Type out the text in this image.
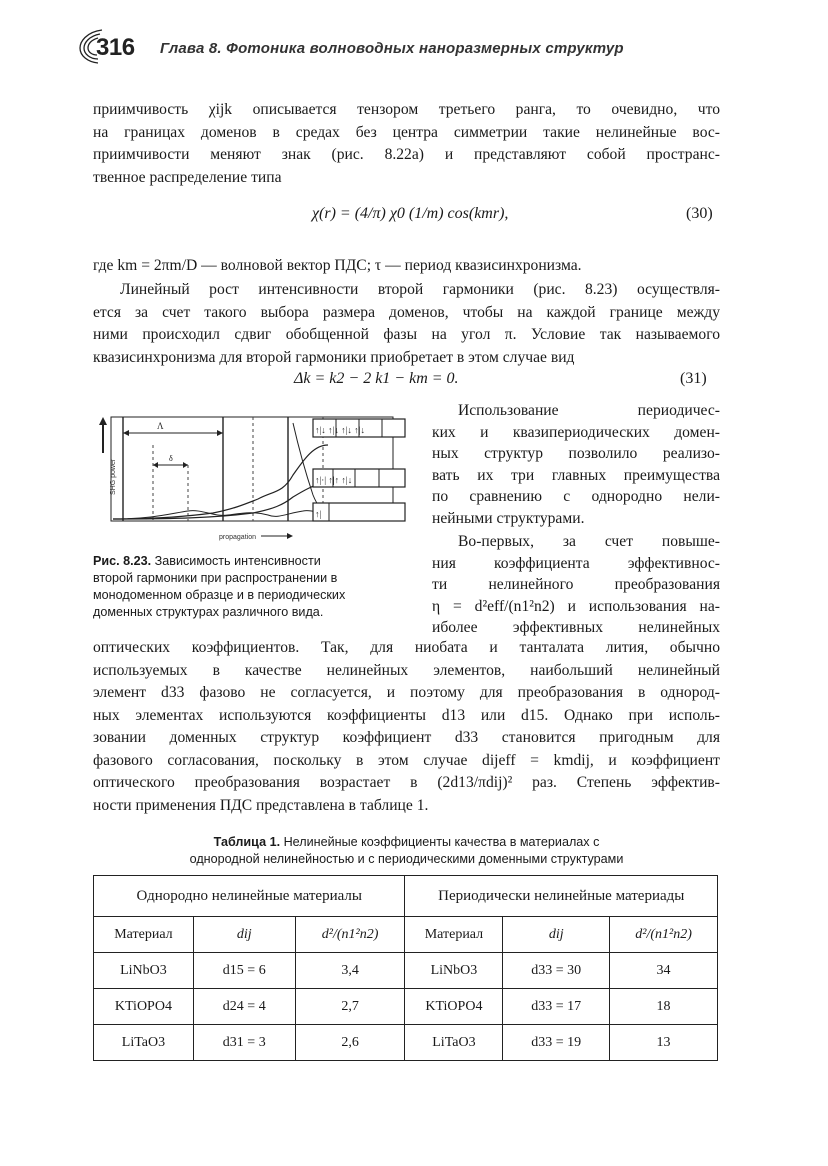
316 Глава 8. Фотоника волноводных наноразмерных структур
приимчивость χijk описывается тензором третьего ранга, то очевидно, что
на границах доменов в средах без центра симметрии такие нелинейные вос-
приимчивости меняют знак (рис. 8.22а) и представляют собой пространс-
твенное распределение типа
χ(r) = (4/π) χ0 (1/m) cos(kmr),	(30)
где km = 2πm/D — волновой вектор ПДС; τ — период квазисинхронизма.
Линейный рост интенсивности второй гармоники (рис. 8.23) осуществля-
ется за счет такого выбора размера доменов, чтобы на каждой границе между
ними происходил сдвиг обобщенной фазы на угол π. Условие так называемого
квазисинхронизма для второй гармоники приобретает в этом случае вид
Δk = k2 − 2 k1 − km = 0.	(31)
SHG power
Λ
δ
propagation
↑|↓ ↑|↓ ↑|↓ ↑|↓
↑|·| ↑|↑ ↑|↓
↑|
Использование периодичес-
ких и квазипериодических домен-
ных структур позволило реализо-
вать их три главных преимущества
по сравнению с однородно нели-
нейными структурами.
Во-первых, за счет повыше-
ния коэффициента эффективнос-
ти нелинейного преобразования
η = d²eff/(n1²n2) и использования на-
иболее эффективных нелинейных
Рис. 8.23. Зависимость интенсивности
второй гармоники при распространении в
монодоменном образце и в периодических
доменных структурах различного вида.
оптических коэффициентов. Так, для ниобата и танталата лития, обычно
используемых в качестве нелинейных элементов, наибольший нелинейный
элемент d33 фазово не согласуется, и поэтому для преобразования в однород-
ных элементах используются коэффициенты d13 или d15. Однако при исполь-
зовании доменных структур коэффициент d33 становится пригодным для
фазового согласования, поскольку в этом случае dijeff = kmdij, и коэффициент
оптического преобразования возрастает в (2d13/πdij)² раз. Степень эффектив-
ности применения ПДС представлена в таблице 1.
Таблица 1. Нелинейные коэффициенты качества в материалах с
однородной нелинейностью и с периодическими доменными структурами
Однородно нелинейные материалы			Периодически нелинейные материады		
Материал	dij	d²/(n1²n2)	Материал	dij	d²/(n1²n2)
LiNbO3	d15 = 6	3,4	LiNbO3	d33 = 30	34
KTiOPO4	d24 = 4	2,7	KTiOPO4	d33 = 17	18
LiTaO3	d31 = 3	2,6	LiTaO3	d33 = 19	13
